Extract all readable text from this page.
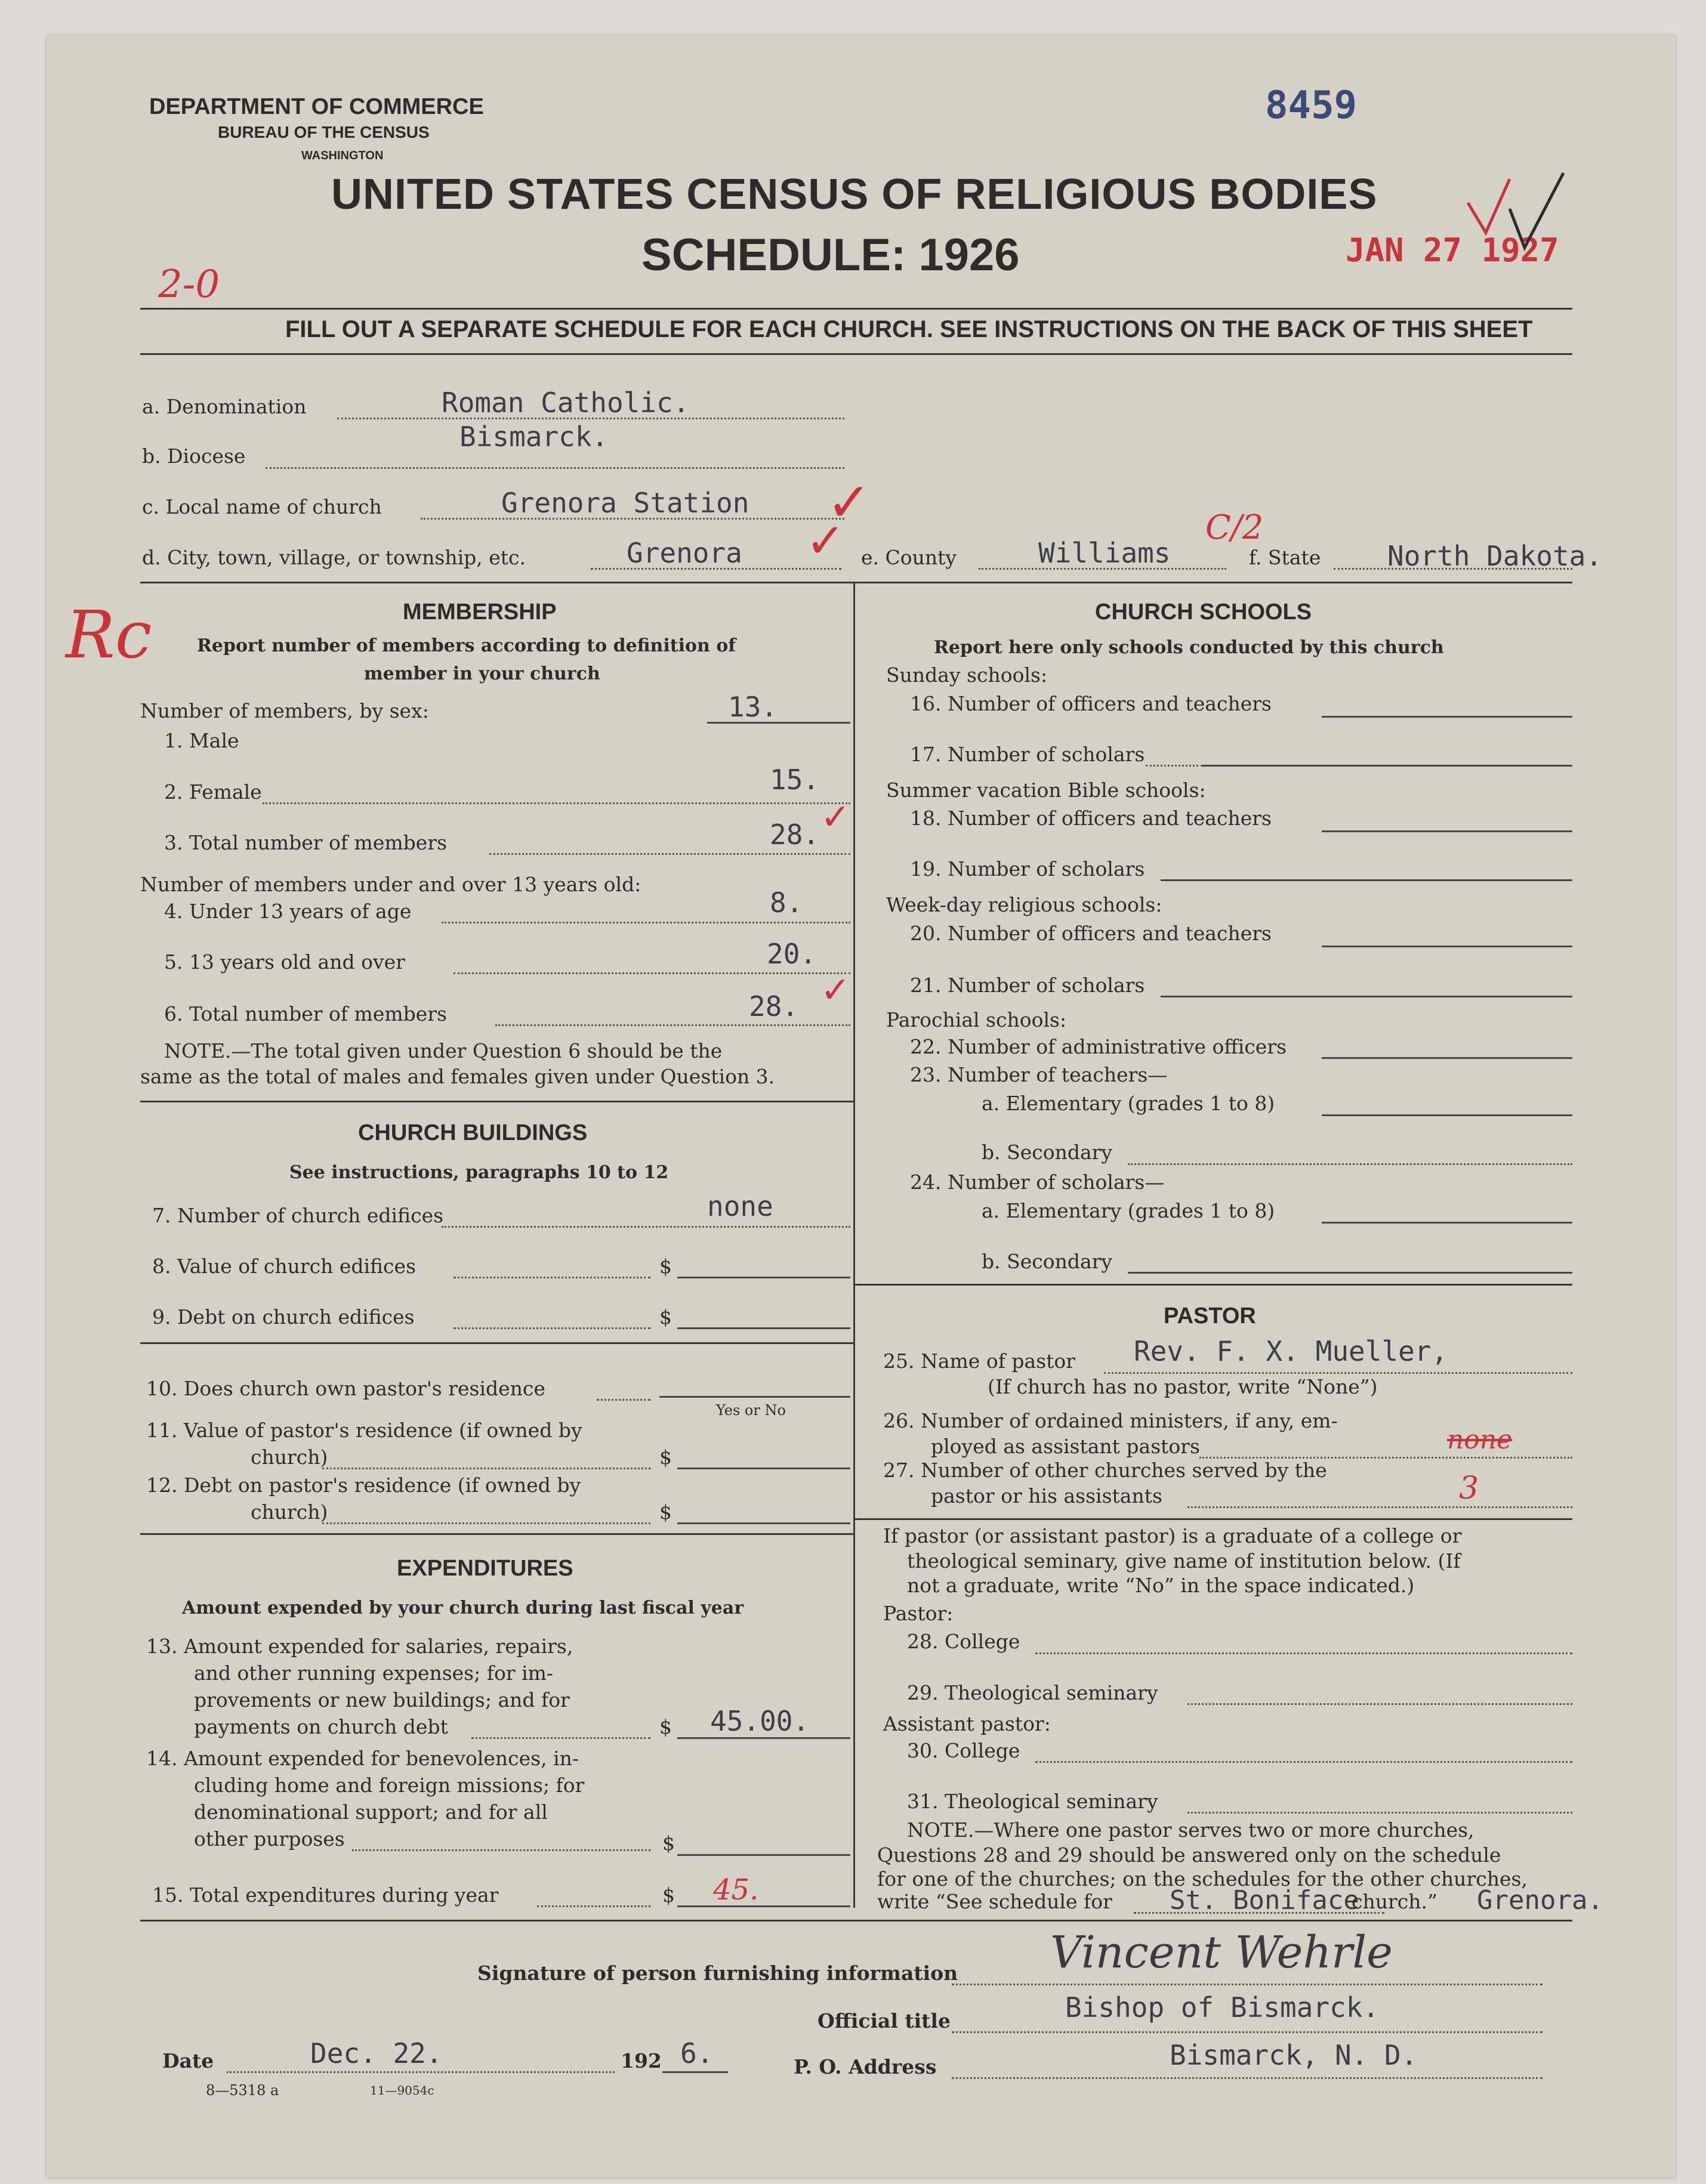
DEPARTMENT OF COMMERCE
BUREAU OF THE CENSUS
WASHINGTON
8459
UNITED STATES CENSUS OF RELIGIOUS BODIES
SCHEDULE: 1926	JAN 27 1927
2-0
FILL OUT A SEPARATE SCHEDULE FOR EACH CHURCH. SEE INSTRUCTIONS ON THE BACK OF THIS SHEET
a. Denomination	Roman Catholic.
b. Diocese
Bismarck.
c. Local name of church	Grenora Station ✓
d. City, town, village, or township, etc.	Grenora ✓ e. County	Williams
C/2
f. State North Dakota.
Rc	MEMBERSHIP
Report number of members according to definition of
member in your church
Number of members, by sex:	13.
1. Male
2. Female	15.
3. Total number of members	28. ✓
Number of members under and over 13 years old:
4. Under 13 years of age	8.
5. 13 years old and over	20.
6. Total number of members	28. ✓
NOTE.—The total given under Question 6 should be the
same as the total of males and females given under Question 3.
CHURCH BUILDINGS
See instructions, paragraphs 10 to 12
7. Number of church edifices	none
8. Value of church edifices	$
9. Debt on church edifices	$
10. Does church own pastor's residence
Yes or No
11. Value of pastor's residence (if owned by
church)	$
12. Debt on pastor's residence (if owned by
church)	$
EXPENDITURES
Amount expended by your church during last fiscal year
13. Amount expended for salaries, repairs,
and other running expenses; for im-
provements or new buildings; and for
payments on church debt	$ 45.00.
14. Amount expended for benevolences, in-
cluding home and foreign missions; for
denominational support; and for all
other purposes	$
15. Total expenditures during year	$ 45.
CHURCH SCHOOLS
Report here only schools conducted by this church
Sunday schools:
16. Number of officers and teachers
17. Number of scholars
Summer vacation Bible schools:
18. Number of officers and teachers
19. Number of scholars
Week-day religious schools:
20. Number of officers and teachers
21. Number of scholars
Parochial schools:
22. Number of administrative officers
23. Number of teachers—
a. Elementary (grades 1 to 8)
b. Secondary
24. Number of scholars—
a. Elementary (grades 1 to 8)
b. Secondary
PASTOR
25. Name of pastor Rev. F. X. Mueller,
(If church has no pastor, write “None”)
26. Number of ordained ministers, if any, em-
ployed as assistant pastors	none
27. Number of other churches served by the
pastor or his assistants	3
If pastor (or assistant pastor) is a graduate of a college or
theological seminary, give name of institution below. (If
not a graduate, write “No” in the space indicated.)
Pastor:
28. College
29. Theological seminary
Assistant pastor:
30. College
31. Theological seminary
NOTE.—Where one pastor serves two or more churches,
Questions 28 and 29 should be answered only on the schedule
for one of the churches; on the schedules for the other churches,
write “See schedule for St. Boniface
church.” Grenora.
Signature of person furnishing information Vincent Wehrle
Official title	Bishop of Bismarck.
Date	Dec. 22.	192 6.	P. O. Address	Bismarck, N. D.
8—5318 a	11—9054c
